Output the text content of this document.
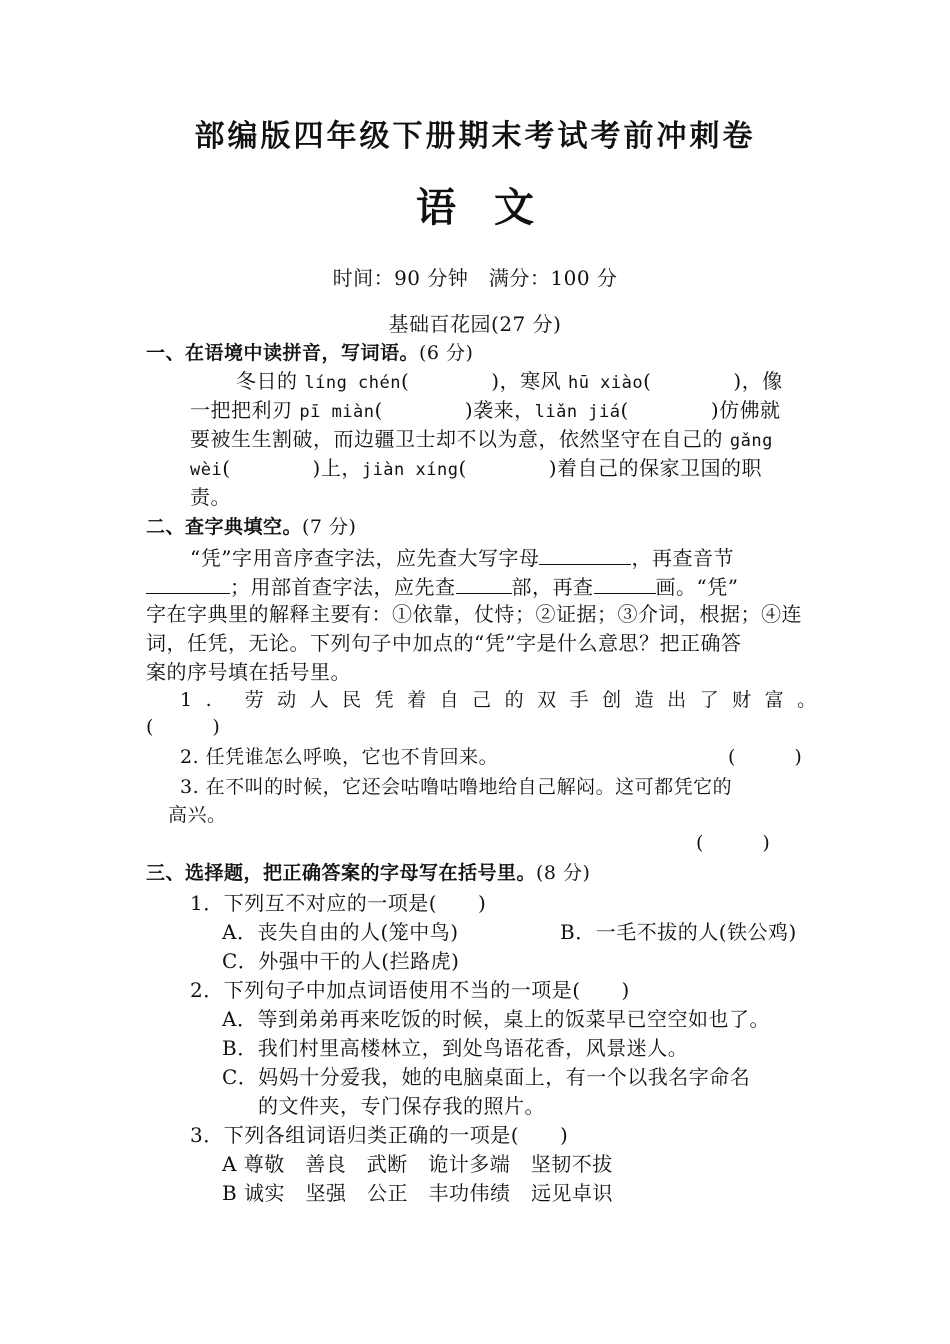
部编版四年级下册期末考试考前冲刺卷
语文
时间：90 分钟　满分：100 分
基础百花园(27 分)
一、在语境中读拼音，写词语。(6 分)
冬日的 líng chén(　　　　)，寒风 hū xiào(　　　　)，像
一把把利刃 pī miàn(　　　　)袭来，liǎn jiá(　　　　)仿佛就
要被生生割破，而边疆卫士却不以为意，依然坚守在自己的 gǎng
wèi(　　　　)上，jiàn xíng(　　　　)着自己的保家卫国的职
责。
二、查字典填空。(7 分)
“凭”字用音序查字法，应先查大写字母	，再查音节
；用部首查字法，应先查	部，再查	画。“凭”
字在字典里的解释主要有：①依靠，仗恃；②证据；③介词，根据；④连
词，任凭，无论。下列句子中加点的“凭”字是什么意思？把正确答
案的序号填在括号里。
1. 劳动人民凭着自己的双手创造出了财富。
(　　　)
2. 任凭谁怎么呼唤，它也不肯回来。	(　　　)
3. 在不叫的时候，它还会咕噜咕噜地给自己解闷。这可都凭它的
高兴。
(　　　)
三、选择题，把正确答案的字母写在括号里。(8 分)
1．下列互不对应的一项是(　　)
A．丧失自由的人(笼中鸟)	B．一毛不拔的人(铁公鸡)
C．外强中干的人(拦路虎)
2．下列句子中加点词语使用不当的一项是(　　)
A．等到弟弟再来吃饭的时候，桌上的饭菜早已空空如也了。
B．我们村里高楼林立，到处鸟语花香，风景迷人。
C．妈妈十分爱我，她的电脑桌面上，有一个以我名字命名
的文件夹，专门保存我的照片。
3．下列各组词语归类正确的一项是(　　)
A 尊敬　善良　武断　诡计多端　坚韧不拔
B 诚实　坚强　公正　丰功伟绩　远见卓识
